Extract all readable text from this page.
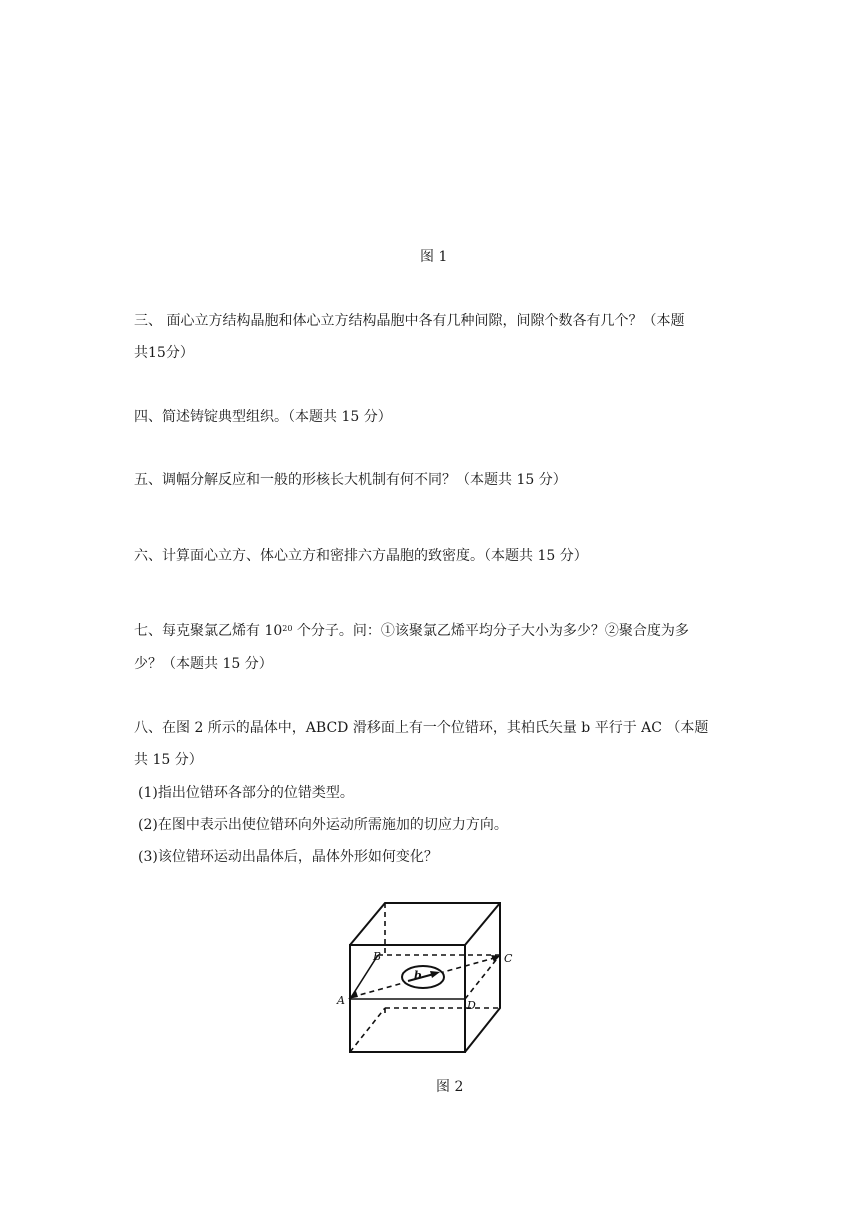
图 1
三、 面心立方结构晶胞和体心立方结构晶胞中各有几种间隙，间隙个数各有几个？（本题
共15分）
四、简述铸锭典型组织。（本题共 15 分）
五、调幅分解反应和一般的形核长大机制有何不同？（本题共 15 分）
六、计算面心立方、体心立方和密排六方晶胞的致密度。（本题共 15 分）
七、每克聚氯乙烯有 $10^{20}$ 个分子。问：①该聚氯乙烯平均分子大小为多少？②聚合度为多
少？（本题共 15 分）
八、在图 2 所示的晶体中，ABCD 滑移面上有一个位错环，其柏氏矢量 b 平行于 AC （本题
共 15 分）
(1)指出位错环各部分的位错类型。
(2)在图中表示出使位错环向外运动所需施加的切应力方向。
(3)该位错环运动出晶体后，晶体外形如何变化？
B	C
A	D
b
图 2
